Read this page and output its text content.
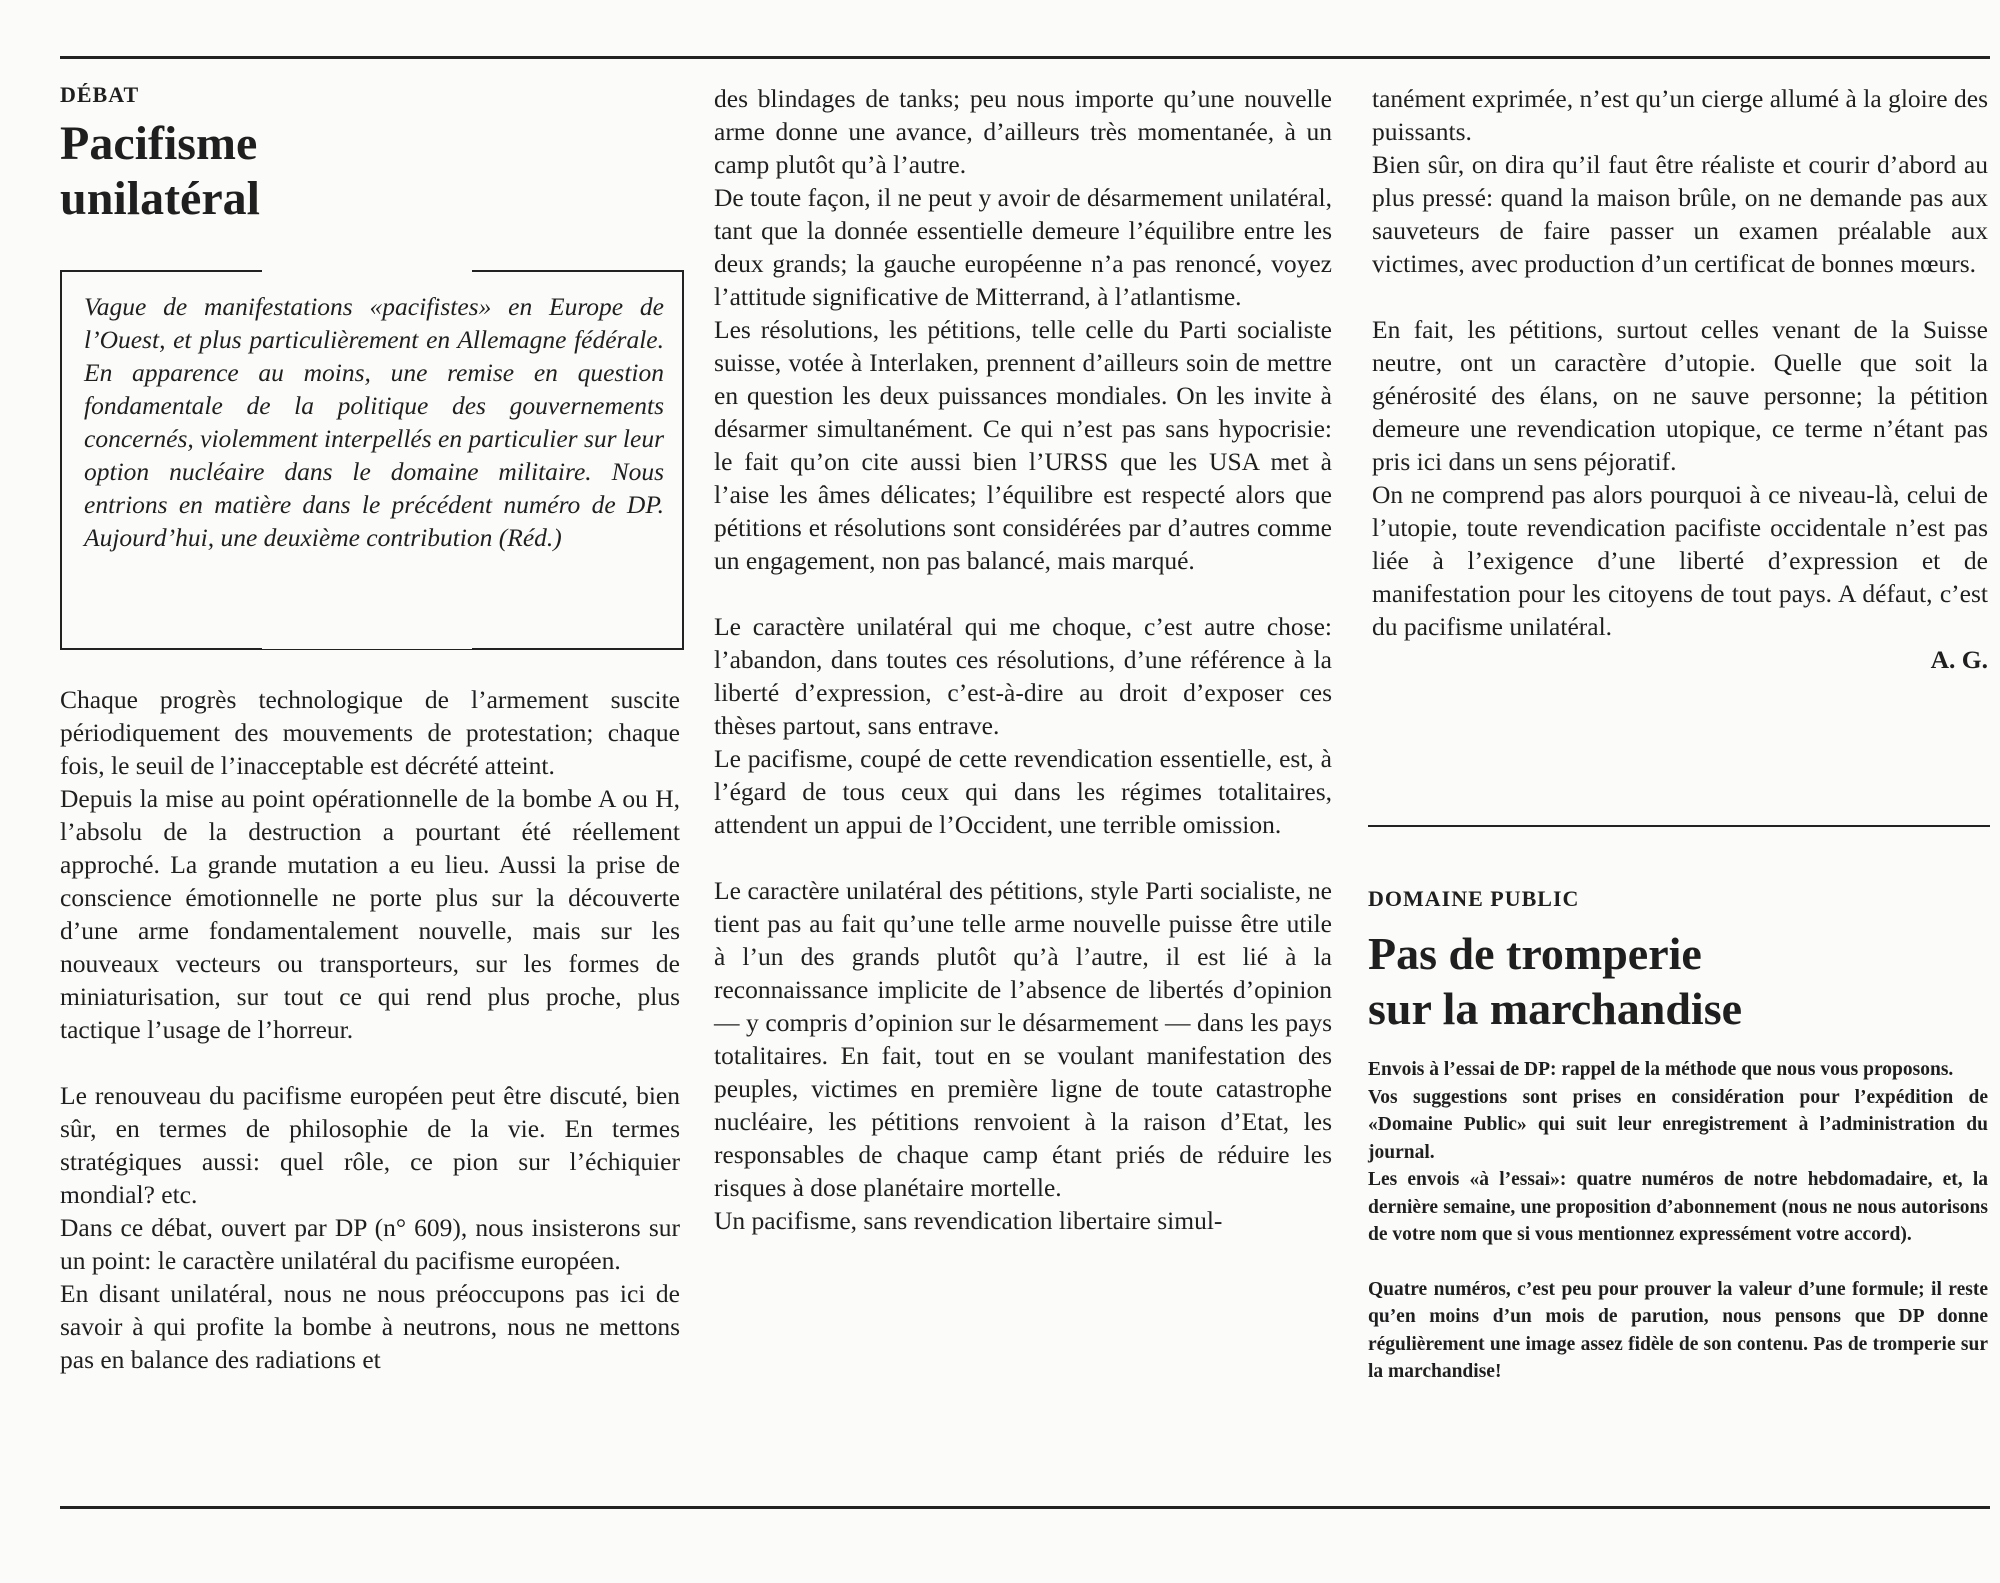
DÉBAT
Pacifisme
unilatéral
Vague de manifestations «pacifistes» en Europe de l’Ouest, et plus particulièrement en Allemagne fédérale. En apparence au moins, une remise en question fondamentale de la politique des gouvernements concernés, violemment interpellés en particulier sur leur option nucléaire dans le domaine militaire. Nous entrions en matière dans le précédent numéro de DP. Aujourd’hui, une deuxième contribution (Réd.)

Chaque progrès technologique de l’armement suscite périodiquement des mouvements de protestation; chaque fois, le seuil de l’inacceptable est décrété atteint.

Depuis la mise au point opérationnelle de la bombe A ou H, l’absolu de la destruction a pourtant été réellement approché. La grande mutation a eu lieu. Aussi la prise de conscience émotionnelle ne porte plus sur la découverte d’une arme fondamentalement nouvelle, mais sur les nouveaux vecteurs ou transporteurs, sur les formes de miniaturisation, sur tout ce qui rend plus proche, plus tactique l’usage de l’horreur.

Le renouveau du pacifisme européen peut être discuté, bien sûr, en termes de philosophie de la vie. En termes stratégiques aussi: quel rôle, ce pion sur l’échiquier mondial? etc.

Dans ce débat, ouvert par DP (n° 609), nous insisterons sur un point: le caractère unilatéral du pacifisme européen.

En disant unilatéral, nous ne nous préoccupons pas ici de savoir à qui profite la bombe à neutrons, nous ne mettons pas en balance des radiations et

des blindages de tanks; peu nous importe qu’une nouvelle arme donne une avance, d’ailleurs très momentanée, à un camp plutôt qu’à l’autre.

De toute façon, il ne peut y avoir de désarmement unilatéral, tant que la donnée essentielle demeure l’équilibre entre les deux grands; la gauche européenne n’a pas renoncé, voyez l’attitude significative de Mitterrand, à l’atlantisme.

Les résolutions, les pétitions, telle celle du Parti socialiste suisse, votée à Interlaken, prennent d’ailleurs soin de mettre en question les deux puissances mondiales. On les invite à désarmer simultanément. Ce qui n’est pas sans hypocrisie: le fait qu’on cite aussi bien l’URSS que les USA met à l’aise les âmes délicates; l’équilibre est respecté alors que pétitions et résolutions sont considérées par d’autres comme un engagement, non pas balancé, mais marqué.

Le caractère unilatéral qui me choque, c’est autre chose: l’abandon, dans toutes ces résolutions, d’une référence à la liberté d’expression, c’est-à-dire au droit d’exposer ces thèses partout, sans entrave.

Le pacifisme, coupé de cette revendication essentielle, est, à l’égard de tous ceux qui dans les régimes totalitaires, attendent un appui de l’Occident, une terrible omission.

Le caractère unilatéral des pétitions, style Parti socialiste, ne tient pas au fait qu’une telle arme nouvelle puisse être utile à l’un des grands plutôt qu’à l’autre, il est lié à la reconnaissance implicite de l’absence de libertés d’opinion — y compris d’opinion sur le désarmement — dans les pays totalitaires. En fait, tout en se voulant manifestation des peuples, victimes en première ligne de toute catastrophe nucléaire, les pétitions renvoient à la raison d’Etat, les responsables de chaque camp étant priés de réduire les risques à dose planétaire mortelle.

Un pacifisme, sans revendication libertaire simul-

tanément exprimée, n’est qu’un cierge allumé à la gloire des puissants.

Bien sûr, on dira qu’il faut être réaliste et courir d’abord au plus pressé: quand la maison brûle, on ne demande pas aux sauveteurs de faire passer un examen préalable aux victimes, avec production d’un certificat de bonnes mœurs.

En fait, les pétitions, surtout celles venant de la Suisse neutre, ont un caractère d’utopie. Quelle que soit la générosité des élans, on ne sauve personne; la pétition demeure une revendication utopique, ce terme n’étant pas pris ici dans un sens péjoratif.

On ne comprend pas alors pourquoi à ce niveau-là, celui de l’utopie, toute revendication pacifiste occidentale n’est pas liée à l’exigence d’une liberté d’expression et de manifestation pour les citoyens de tout pays. A défaut, c’est du pacifisme unilatéral.

A. G.

DOMAINE PUBLIC
Pas de tromperie
sur la marchandise

Envois à l’essai de DP: rappel de la méthode que nous vous proposons.

Vos suggestions sont prises en considération pour l’expédition de «Domaine Public» qui suit leur enregistrement à l’administration du journal.

Les envois «à l’essai»: quatre numéros de notre hebdomadaire, et, la dernière semaine, une proposition d’abonnement (nous ne nous autorisons de votre nom que si vous mentionnez expressément votre accord).

Quatre numéros, c’est peu pour prouver la valeur d’une formule; il reste qu’en moins d’un mois de parution, nous pensons que DP donne régulièrement une image assez fidèle de son contenu. Pas de tromperie sur la marchandise!
